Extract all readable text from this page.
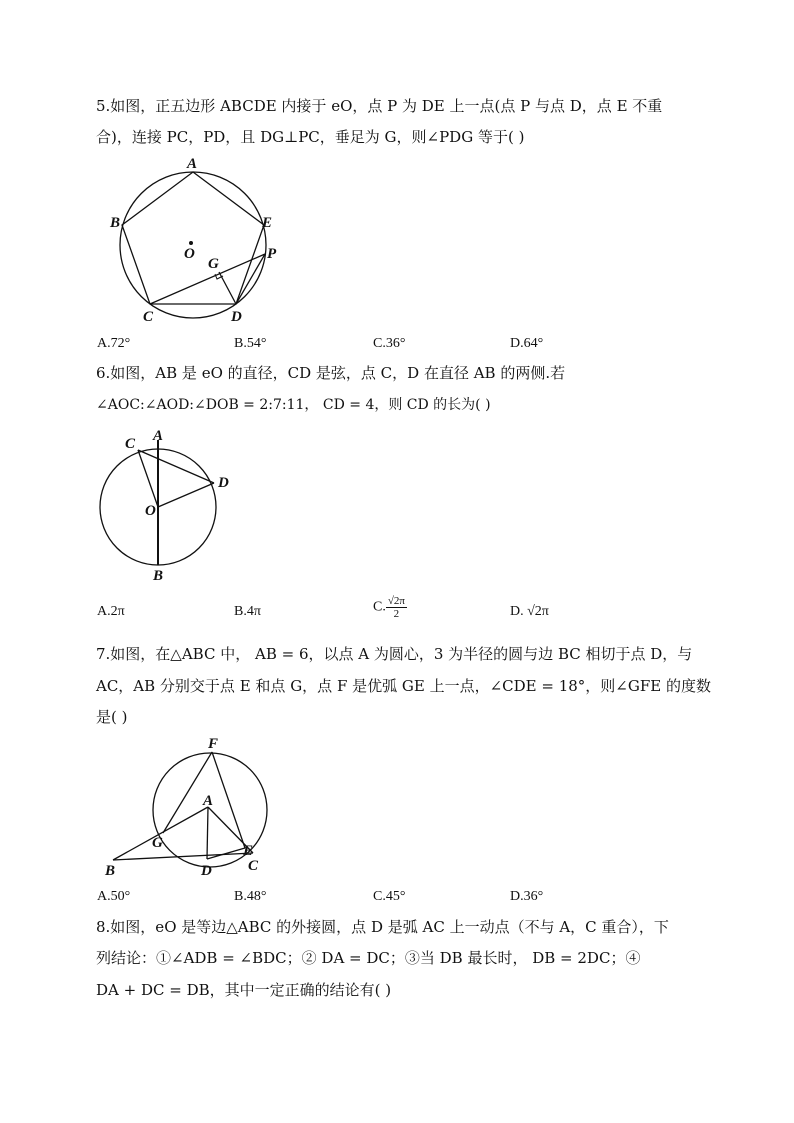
5.如图，正五边形 ABCDE 内接于 eO，点 P 为 DE 上一点(点 P 与点 D，点 E 不重
合)，连接 PC，PD，且 DG⊥PC，垂足为 G，则∠PDG 等于( )
A
B
C	D
E
P
O
G
A.72°	B.54°	C.36°	D.64°
6.如图，AB 是 eO 的直径，CD 是弦，点 C，D 在直径 AB 的两侧.若
∠AOC:∠AOD:∠DOB = 2:7:11， CD = 4，则 CD 的长为( )
A
C
D
O
B
A.2π	B.4π	C. $\frac{√2\pi}{2}$	D. √2π
7.如图，在△ABC 中， AB = 6，以点 A 为圆心，3 为半径的圆与边 BC 相切于点 D，与
AC，AB 分别交于点 E 和点 G，点 F 是优弧 GE 上一点，∠CDE = 18°，则∠GFE 的度数
是( )
F
A
G	E
B	D C
A.50°	B.48°	C.45°	D.36°
8.如图，eO 是等边△ABC 的外接圆，点 D 是弧 AC 上一动点（不与 A，C 重合），下
列结论：①∠ADB = ∠BDC；② DA = DC；③当 DB 最长时， DB = 2DC；④
DA + DC = DB，其中一定正确的结论有( )
